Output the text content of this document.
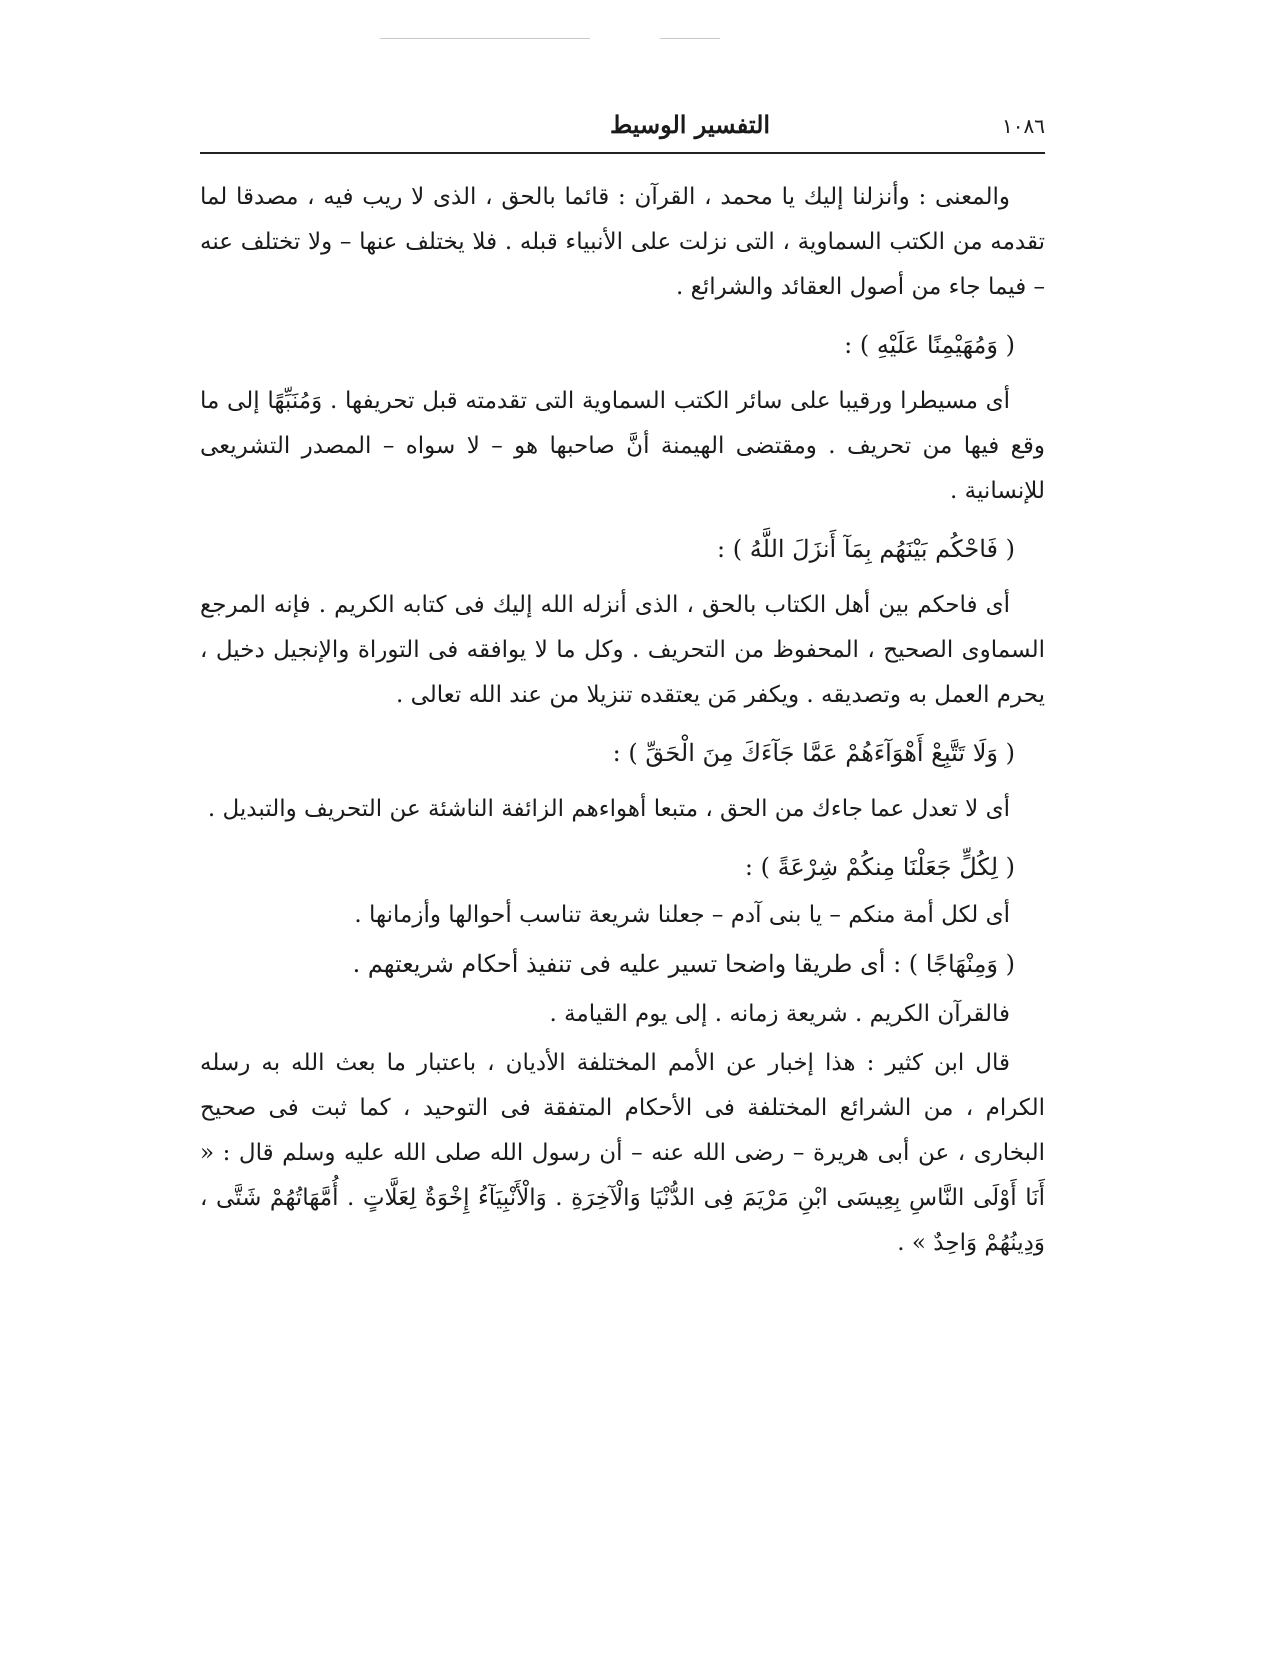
١٠٨٦
التفسير الوسيط

والمعنى : وأنزلنا إليك يا محمد ، القرآن : قائما بالحق ، الذى لا ريب فيه ، مصدقا لما تقدمه من الكتب السماوية ، التى نزلت على الأنبياء قبله . فلا يختلف عنها – ولا تختلف عنه – فيما جاء من أصول العقائد والشرائع .

( وَمُهَيْمِنًا عَلَيْهِ ) :

أى مسيطرا ورقيبا على سائر الكتب السماوية التى تقدمته قبل تحريفها . وَمُنَبِّهًا إلى ما وقع فيها من تحريف . ومقتضى الهيمنة أنَّ صاحبها هو – لا سواه – المصدر التشريعى للإنسانية .

( فَاحْكُم بَيْنَهُم بِمَآ أَنزَلَ اللَّهُ ) :

أى فاحكم بين أهل الكتاب بالحق ، الذى أنزله الله إليك فى كتابه الكريم . فإنه المرجع السماوى الصحيح ، المحفوظ من التحريف . وكل ما لا يوافقه فى التوراة والإنجيل دخيل ، يحرم العمل به وتصديقه . ويكفر مَن يعتقده تنزيلا من عند الله تعالى .

( وَلَا تَتَّبِعْ أَهْوَآءَهُمْ عَمَّا جَآءَكَ مِنَ الْحَقِّ ) :

أى لا تعدل عما جاءك من الحق ، متبعا أهواءهم الزائفة الناشئة عن التحريف والتبديل .

( لِكُلٍّ جَعَلْنَا مِنكُمْ شِرْعَةً ) :

أى لكل أمة منكم – يا بنى آدم – جعلنا شريعة تناسب أحوالها وأزمانها .

( وَمِنْهَاجًا ) : أى طريقا واضحا تسير عليه فى تنفيذ أحكام شريعتهم .

فالقرآن الكريم . شريعة زمانه . إلى يوم القيامة .

قال ابن كثير : هذا إخبار عن الأمم المختلفة الأديان ، باعتبار ما بعث الله به رسله الكرام ، من الشرائع المختلفة فى الأحكام المتفقة فى التوحيد ، كما ثبت فى صحيح البخارى ، عن أبى هريرة – رضى الله عنه – أن رسول الله صلى الله عليه وسلم قال : « أَنَا أَوْلَى النَّاسِ بِعِيسَى ابْنِ مَرْيَمَ فِى الدُّنْيَا وَالْآخِرَةِ . وَالْأَنْبِيَآءُ إِخْوَةٌ لِعَلَّاتٍ . أُمَّهَاتُهُمْ شَتَّى ، وَدِينُهُمْ وَاحِدٌ » .
